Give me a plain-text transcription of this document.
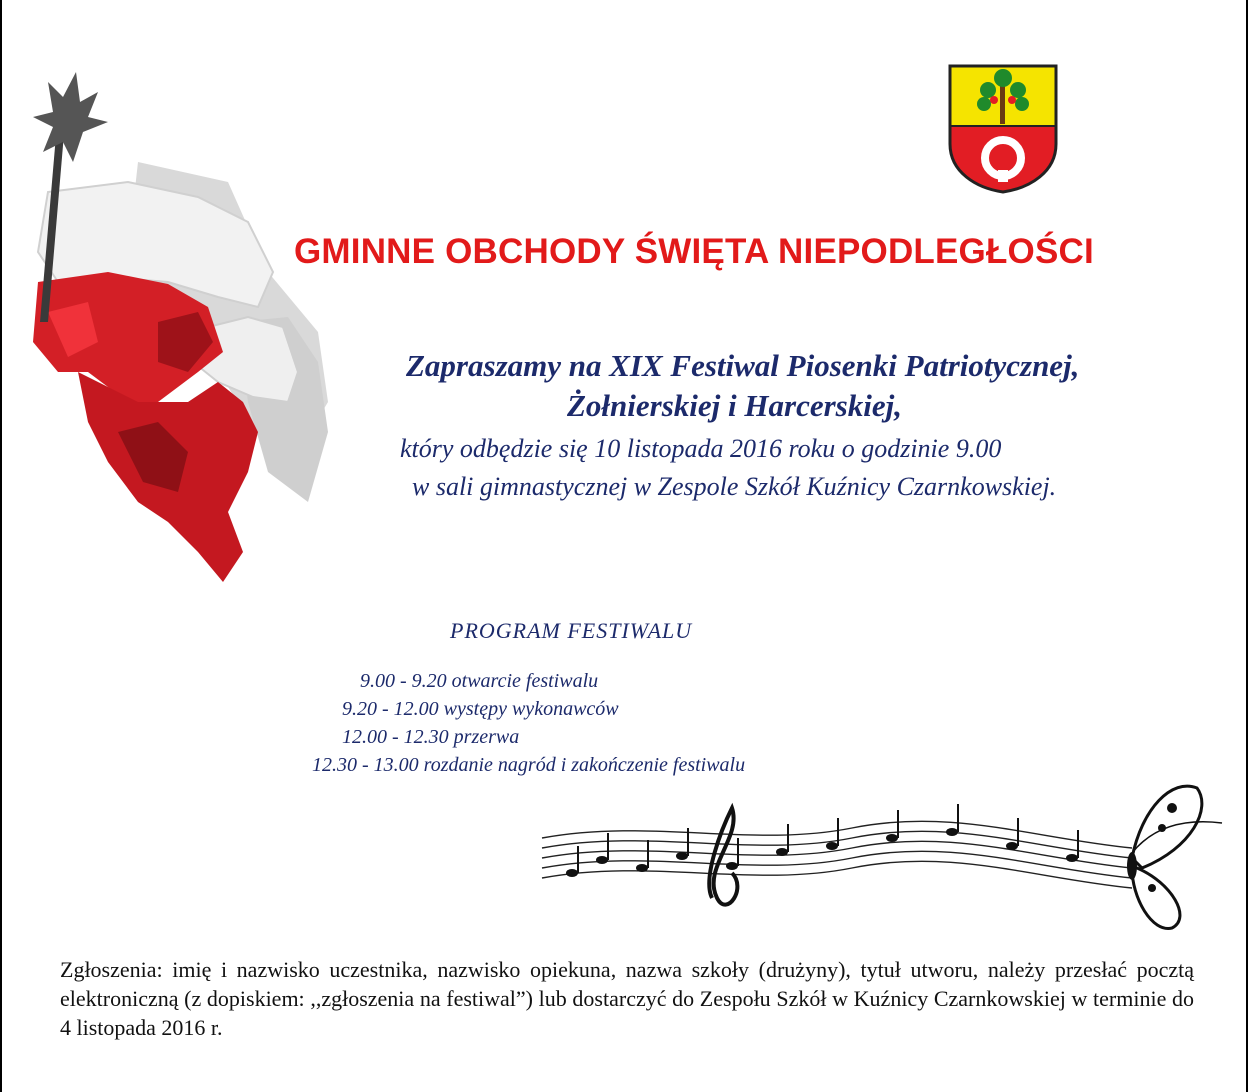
GMINNE OBCHODY ŚWIĘTA NIEPODLEGŁOŚCI
Zapraszamy na XIX Festiwal Piosenki Patriotycznej,
Żołnierskiej i Harcerskiej,
który odbędzie się 10 listopada 2016 roku o godzinie 9.00
w sali gimnastycznej w Zespole Szkół Kuźnicy Czarnkowskiej.
PROGRAM FESTIWALU
9.00 - 9.20 otwarcie festiwalu
9.20 - 12.00 występy wykonawców
12.00 - 12.30 przerwa
12.30 - 13.00 rozdanie nagród i zakończenie festiwalu
Zgłoszenia: imię i nazwisko uczestnika, nazwisko opiekuna, nazwa szkoły (drużyny), tytuł utworu, należy przesłać pocztą elektroniczną (z dopiskiem: ,,zgłoszenia na festiwal”) lub dostarczyć do Zespołu Szkół w Kuźnicy Czarnkowskiej w terminie do 4 listopada 2016 r.
